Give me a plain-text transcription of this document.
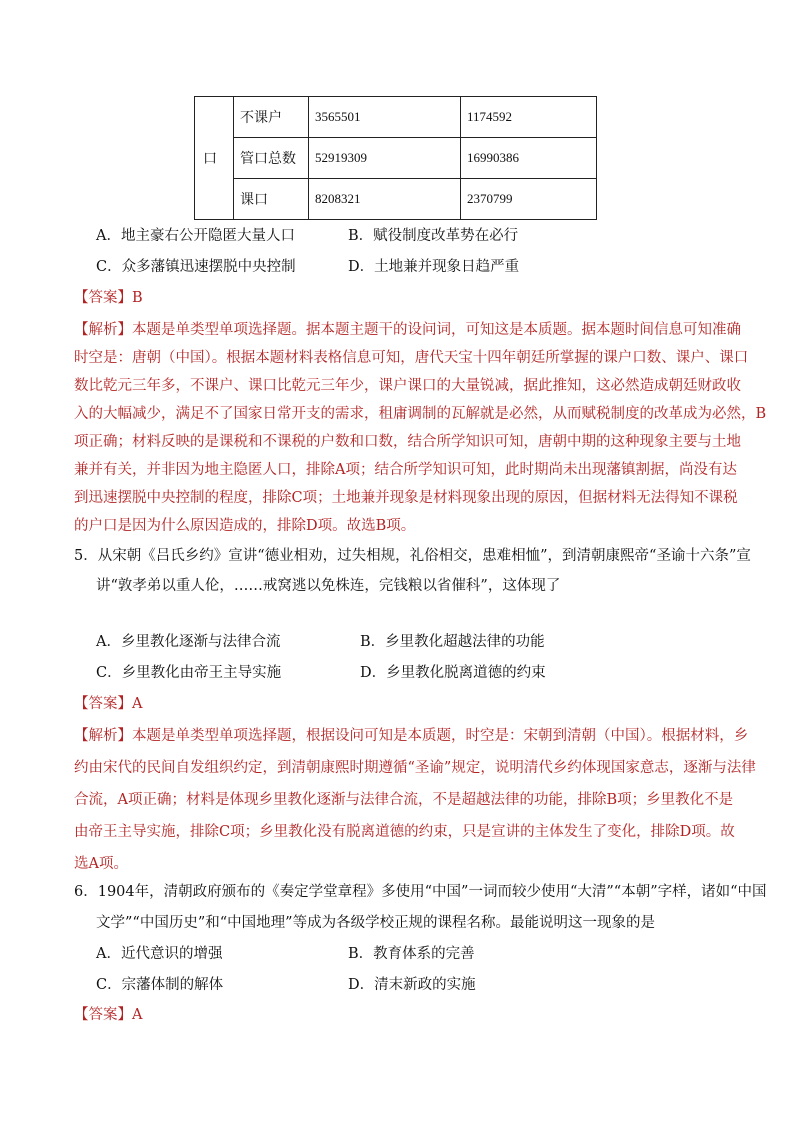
口	不课户	3565501	1174592
	管口总数	52919309	16990386
	课口	8208321	2370799
A．地主豪右公开隐匿大量人口	B．赋役制度改革势在必行
C．众多藩镇迅速摆脱中央控制	D．土地兼并现象日趋严重
【答案】B
【解析】本题是单类型单项选择题。据本题主题干的设问词，可知这是本质题。据本题时间信息可知准确
时空是：唐朝（中国）。根据本题材料表格信息可知，唐代天宝十四年朝廷所掌握的课户口数、课户、课口
数比乾元三年多，不课户、课口比乾元三年少，课户课口的大量锐减，据此推知，这必然造成朝廷财政收
入的大幅减少，满足不了国家日常开支的需求，租庸调制的瓦解就是必然，从而赋税制度的改革成为必然，B
项正确；材料反映的是课税和不课税的户数和口数，结合所学知识可知，唐朝中期的这种现象主要与土地
兼并有关，并非因为地主隐匿人口，排除A项；结合所学知识可知，此时期尚未出现藩镇割据，尚没有达
到迅速摆脱中央控制的程度，排除C项；土地兼并现象是材料现象出现的原因，但据材料无法得知不课税
的户口是因为什么原因造成的，排除D项。故选B项。
5．从宋朝《吕氏乡约》宣讲“德业相劝，过失相规，礼俗相交，患难相恤”，到清朝康熙帝“圣谕十六条”宣
讲“敦孝弟以重人伦，……戒窝逃以免株连，完钱粮以省催科”，这体现了
A．乡里教化逐渐与法律合流	B．乡里教化超越法律的功能
C．乡里教化由帝王主导实施	D．乡里教化脱离道德的约束
【答案】A
【解析】本题是单类型单项选择题，根据设问可知是本质题，时空是：宋朝到清朝（中国）。根据材料，乡
约由宋代的民间自发组织约定，到清朝康熙时期遵循“圣谕”规定，说明清代乡约体现国家意志，逐渐与法律
合流，A项正确；材料是体现乡里教化逐渐与法律合流，不是超越法律的功能，排除B项；乡里教化不是
由帝王主导实施，排除C项；乡里教化没有脱离道德的约束，只是宣讲的主体发生了变化，排除D项。故
选A项。
6．1904年，清朝政府颁布的《奏定学堂章程》多使用“中国”一词而较少使用“大清”“本朝”字样，诸如“中国
文学”“中国历史”和“中国地理”等成为各级学校正规的课程名称。最能说明这一现象的是
A．近代意识的增强	B．教育体系的完善
C．宗藩体制的解体	D．清末新政的实施
【答案】A
